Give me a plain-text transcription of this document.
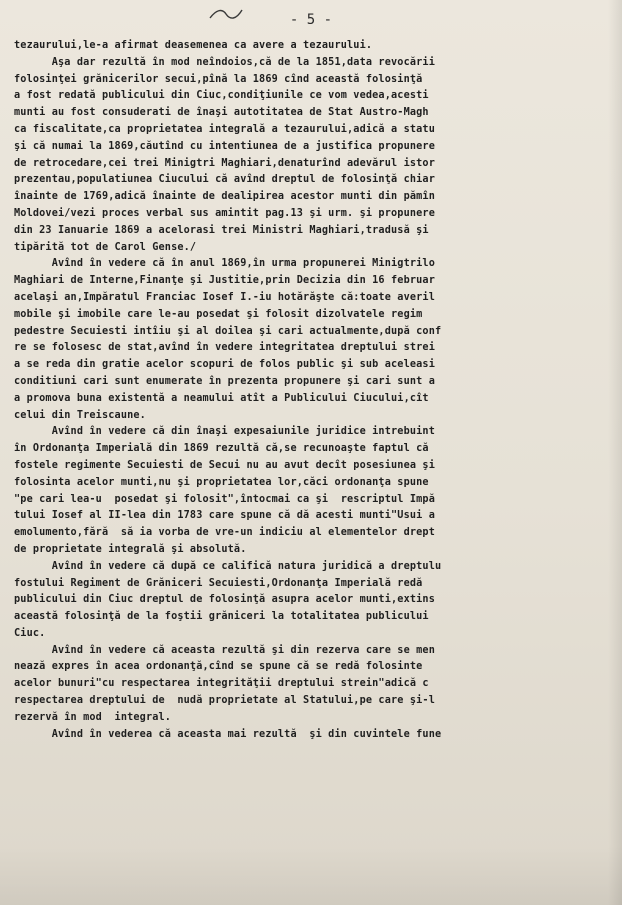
- 5 -
tezaurului,le-a afirmat deasemenea ca avere a tezaurului.
Aşa dar rezultă în mod neîndoios,că de la 1851,data revocării
folosinţei grănicerilor secui,pînă la 1869 cînd această folosinţă
a fost redată publicului din Ciuc,condiţiunile ce vom vedea,acesti
munti au fost consuderati de înaşi autotitatea de Stat Austro-Magh
ca fiscalitate,ca proprietatea integrală a tezaurului,adică a statu
şi că numai la 1869,căutînd cu intentiunea de a justifica propunere
de retrocedare,cei trei Minigtri Maghiari,denaturînd adevărul istor
prezentau,populatiunea Ciucului că avînd dreptul de folosinţă chiar
înainte de 1769,adică înainte de dealipirea acestor munti din pămîn
Moldovei/vezi proces verbal sus amintit pag.13 şi urm. şi propunere
din 23 Ianuarie 1869 a acelorasi trei Ministri Maghiari,tradusă şi
tipărită tot de Carol Gense./
Avînd în vedere că în anul 1869,în urma propunerei Minigtrilo
Maghiari de Interne,Finanţe şi Justitie,prin Decizia din 16 februar
acelaşi an,Impăratul Franciac Iosef I.-iu hotărăşte că:toate averil
mobile şi imobile care le-au posedat şi folosit dizolvatele regim
pedestre Secuiesti intîiu şi al doilea şi cari actualmente,după conf
re se folosesc de stat,avînd în vedere integritatea dreptului strei
a se reda din gratie acelor scopuri de folos public şi sub aceleasi
conditiuni cari sunt enumerate în prezenta propunere şi cari sunt a
a promova buna existentă a neamului atît a Publicului Ciucului,cît
celui din Treiscaune.
Avînd în vedere că din înaşi expesaiunile juridice intrebuint
în Ordonanţa Imperială din 1869 rezultă că,se recunoaşte faptul că
fostele regimente Secuiesti de Secui nu au avut decît posesiunea şi
folosinta acelor munti,nu şi proprietatea lor,căci ordonanţa spune
"pe cari lea-u  posedat şi folosit",întocmai ca şi  rescriptul Impă
tului Iosef al II-lea din 1783 care spune că dă acesti munti"Usui a
emolumento,fără  să ia vorba de vre-un indiciu al elementelor drept
de proprietate integrală şi absolută.
Avînd în vedere că după ce califică natura juridică a dreptulu
fostului Regiment de Grăniceri Secuiesti,Ordonanţa Imperială redă
publicului din Ciuc dreptul de folosinţă asupra acelor munti,extins
această folosinţă de la foştii grăniceri la totalitatea publicului
Ciuc.
Avînd în vedere că aceasta rezultă şi din rezerva care se men
nează expres în acea ordonanţă,cînd se spune că se redă folosinte
acelor bunuri"cu respectarea integrităţii dreptului strein"adică c
respectarea dreptului de  nudă proprietate al Statului,pe care şi-l
rezervă în mod  integral.
Avînd în vederea că aceasta mai rezultă  şi din cuvintele fune
